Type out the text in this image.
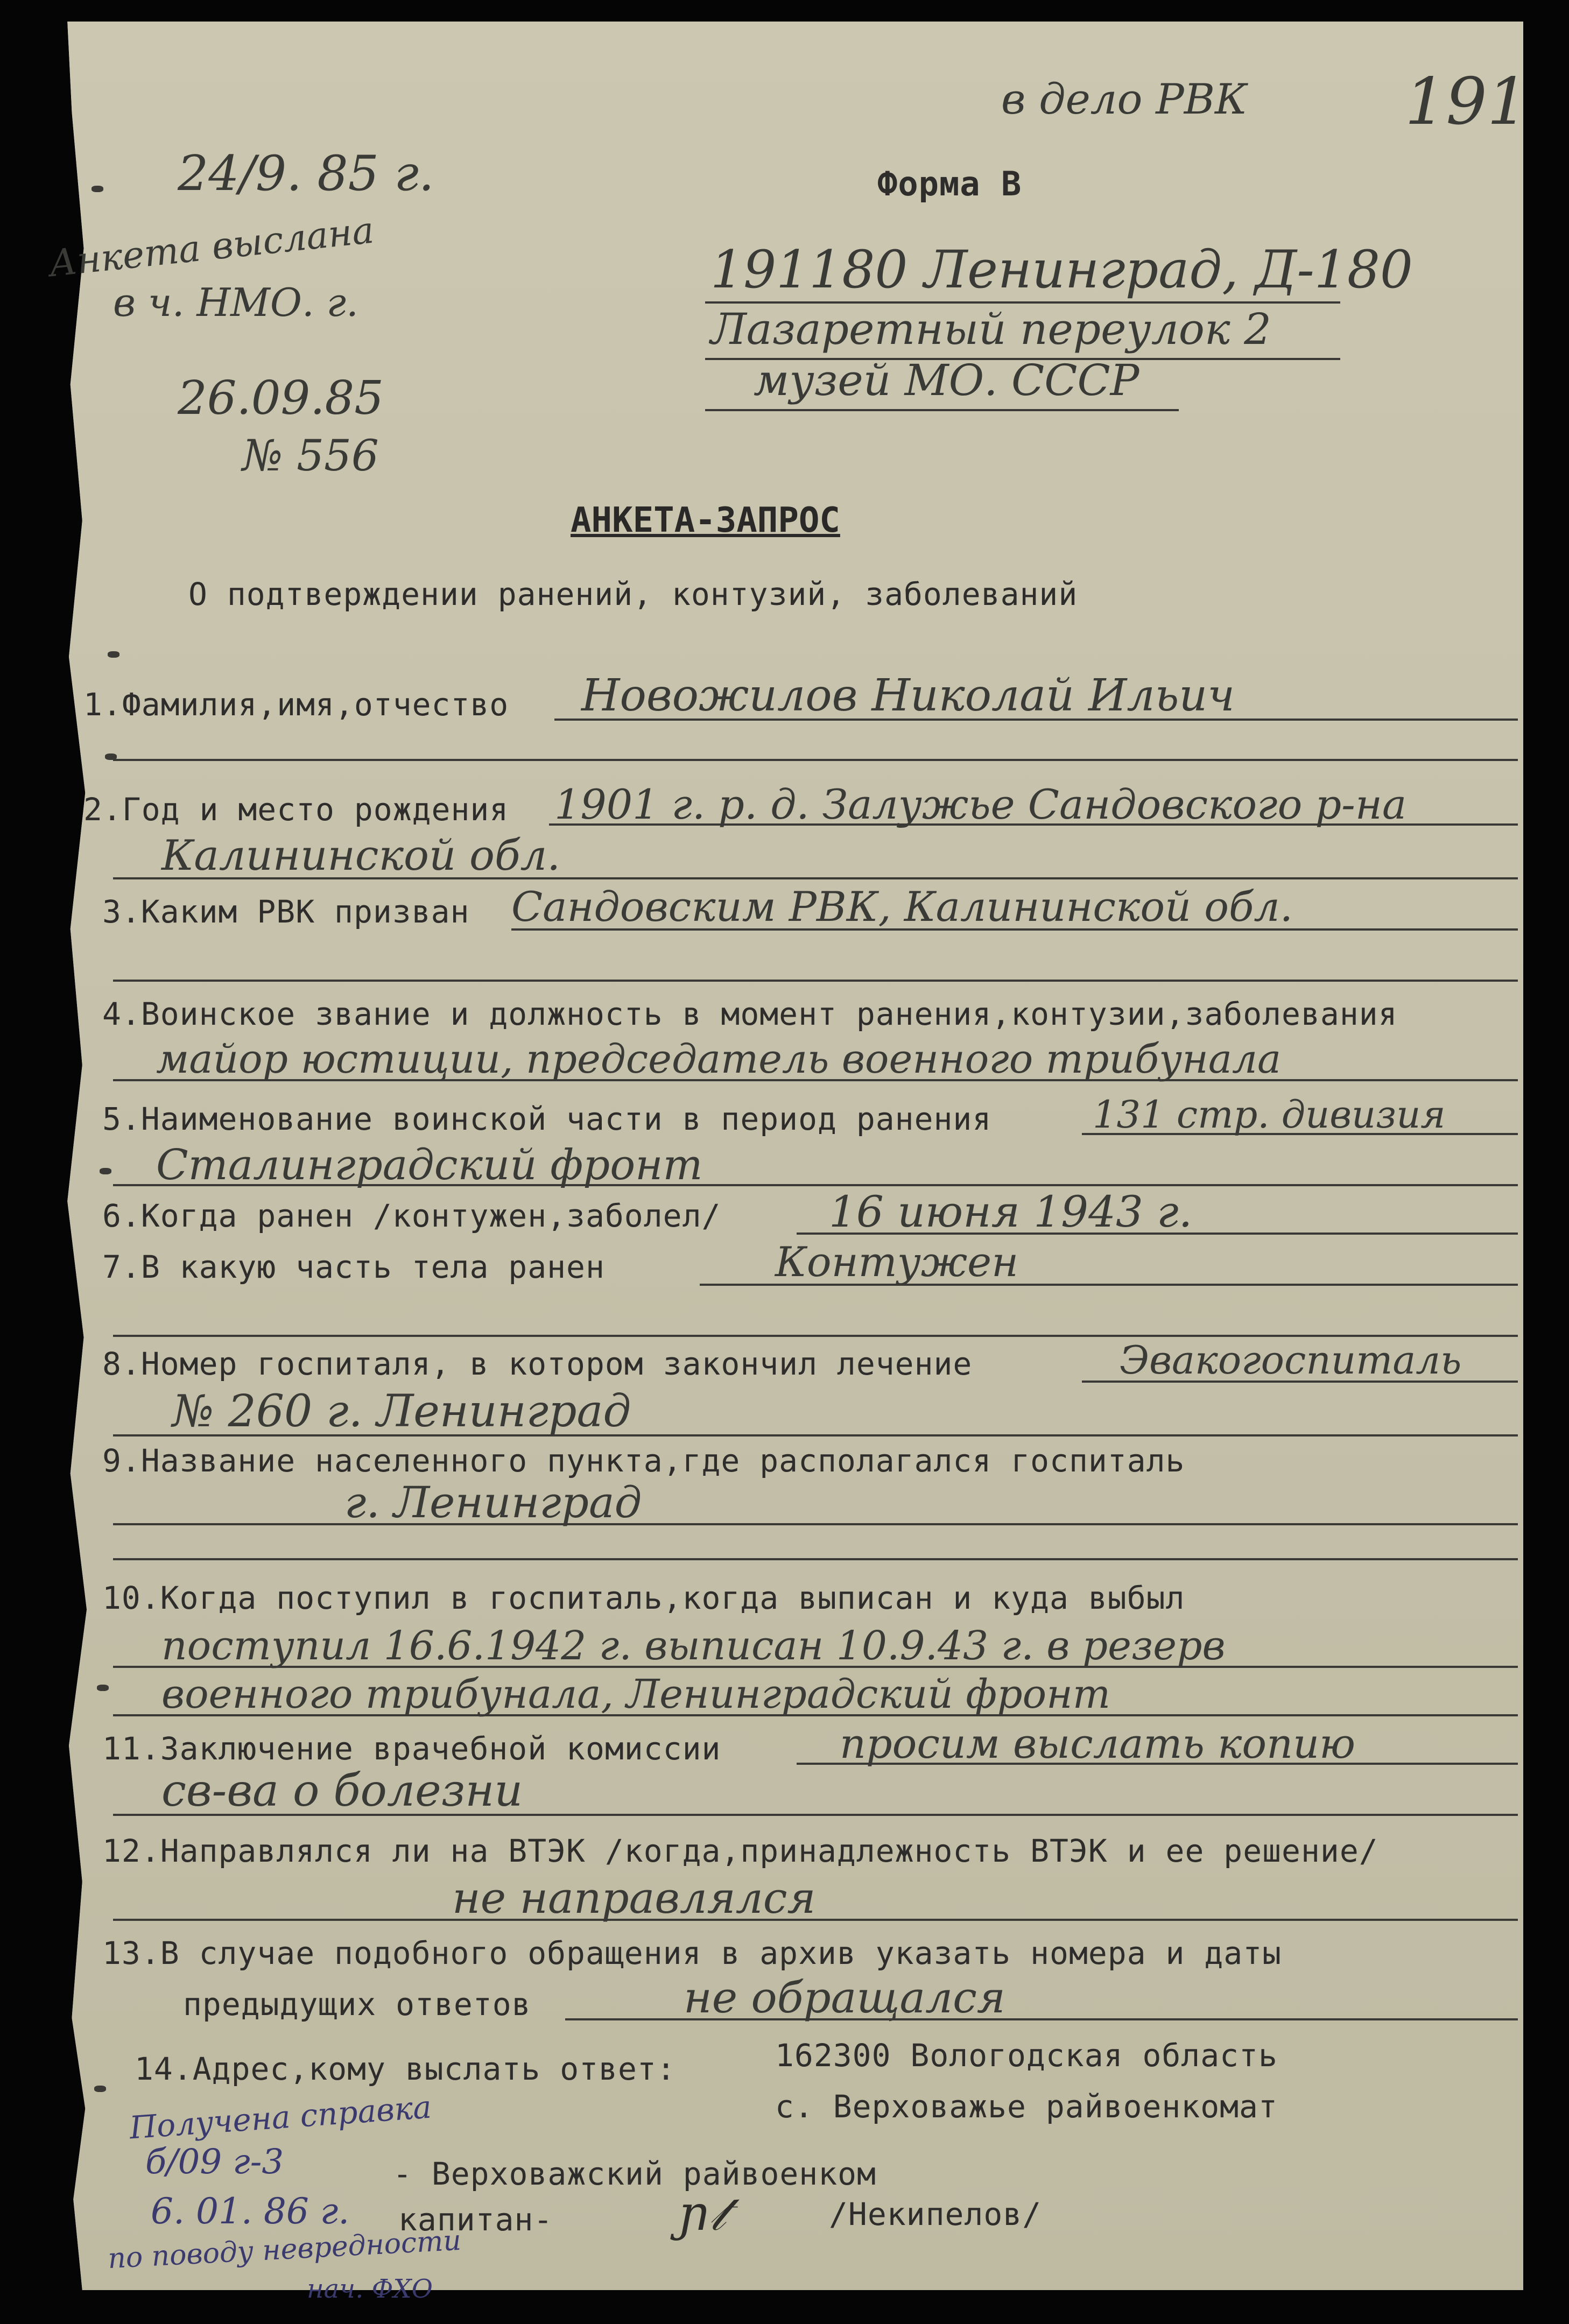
в дело РВК 191
24/9. 85 г.
Анкета выслана
в ч. НМО. г.
26.09.85
№ 556
Форма В
191180 Ленинград, Д-180
Лазаретный переулок 2
музей МО. СССР
АНКЕТА-ЗАПРОС
О подтверждении ранений, контузий, заболеваний
1.Фамилия,имя,отчество Новожилов Николай Ильич
2.Год и место рождения 1901 г. р. д. Залужье Сандовского р-на
Калининской обл.
3.Каким РВК призван Сандовским РВК, Калининской обл.
4.Воинское звание и должность в момент ранения,контузии,заболевания
майор юстиции, председатель военного трибунала
5.Наименование воинской части в период ранения	131 стр. дивизия
Сталинградский фронт
6.Когда ранен /контужен,заболел/	16 июня 1943 г.
7.В какую часть тела ранен	Контужен
8.Номер госпиталя, в котором закончил лечение	Эвакогоспиталь
№ 260 г. Ленинград
9.Название населенного пункта,где располагался госпиталь
г. Ленинград
10.Когда поступил в госпиталь,когда выписан и куда выбыл
поступил 16.6.1942 г. выписан 10.9.43 г. в резерв
военного трибунала, Ленинградский фронт
11.Заключение врачебной комиссии	просим выслать копию
св-ва о болезни
12.Направлялся ли на ВТЭК /когда,принадлежность ВТЭК и ее решение/
не направлялся
13.В случае подобного обращения в архив указать номера и даты
предыдущих ответов	не обращался
14.Адрес,кому выслать ответ:	162300 Вологодская область
с. Верховажье райвоенкомат
Получена справка
б/09 г-3
6. 01. 86 г.
по поводу невредности
нач. ФХО
- Верховажский райвоенком
капитан-	ɲ𝓉	/Некипелов/
